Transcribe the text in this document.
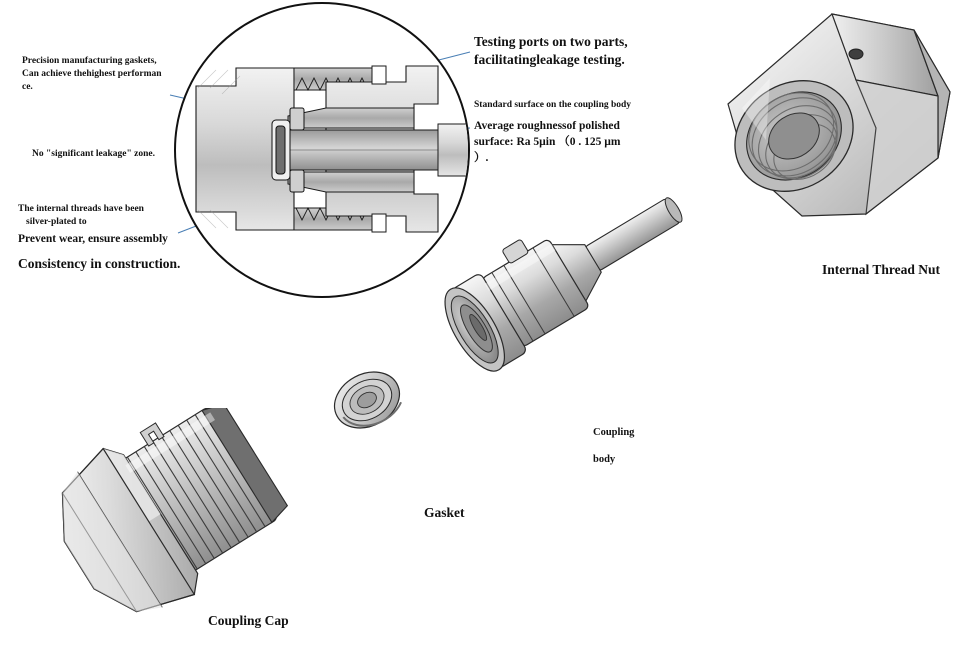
Precision manufacturing gaskets,
Can achieve thehighest performan
ce.
No "significant leakage" zone.
The internal threads have been
silver-plated to
Prevent wear, ensure assembly
Consistency in construction.
Testing ports on two parts,
facilitatingleakage testing.
Standard surface on the coupling body
Average roughnessof polished
surface: Ra 5µin （0 . 125 µm
）.
Internal Thread Nut
Coupling
body
Gasket
Coupling Cap
